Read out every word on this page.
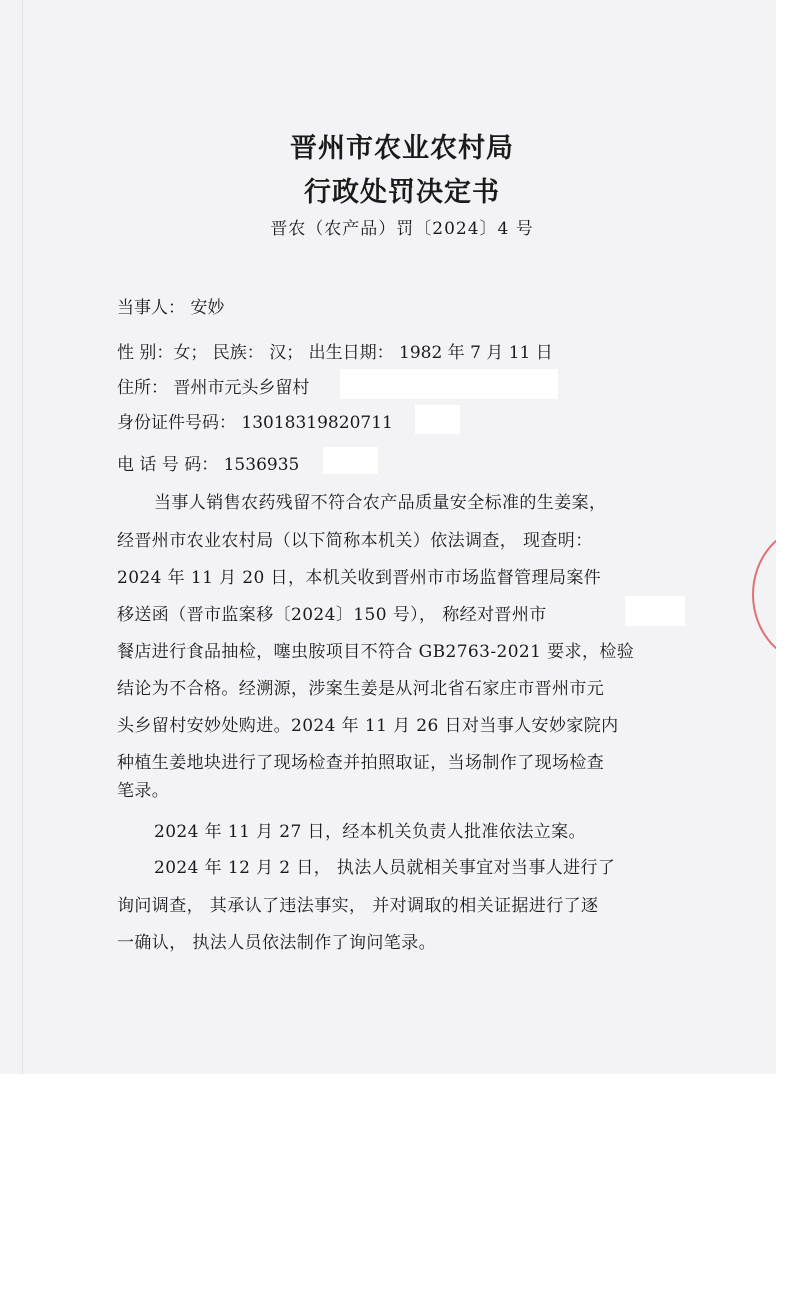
晋州市农业农村局
行政处罚决定书
晋农（农产品）罚〔2024〕4 号
当事人： 安妙
性 别：女； 民族： 汉； 出生日期： 1982 年 7 月 11 日
住所： 晋州市元头乡留村
身份证件号码： 13018319820711
电 话 号 码： 1536935
当事人销售农药残留不符合农产品质量安全标准的生姜案，
经晋州市农业农村局（以下简称本机关）依法调查， 现查明：
2024 年 11 月 20 日，本机关收到晋州市市场监督管理局案件
移送函（晋市监案移〔2024〕150 号）， 称经对晋州市
餐店进行食品抽检，噻虫胺项目不符合 GB2763-2021 要求，检验
结论为不合格。经溯源，涉案生姜是从河北省石家庄市晋州市元
头乡留村安妙处购进。2024 年 11 月 26 日对当事人安妙家院内
种植生姜地块进行了现场检查并拍照取证，当场制作了现场检查
笔录。
2024 年 11 月 27 日，经本机关负责人批准依法立案。
2024 年 12 月 2 日， 执法人员就相关事宜对当事人进行了
询问调查， 其承认了违法事实， 并对调取的相关证据进行了逐
一确认， 执法人员依法制作了询问笔录。
